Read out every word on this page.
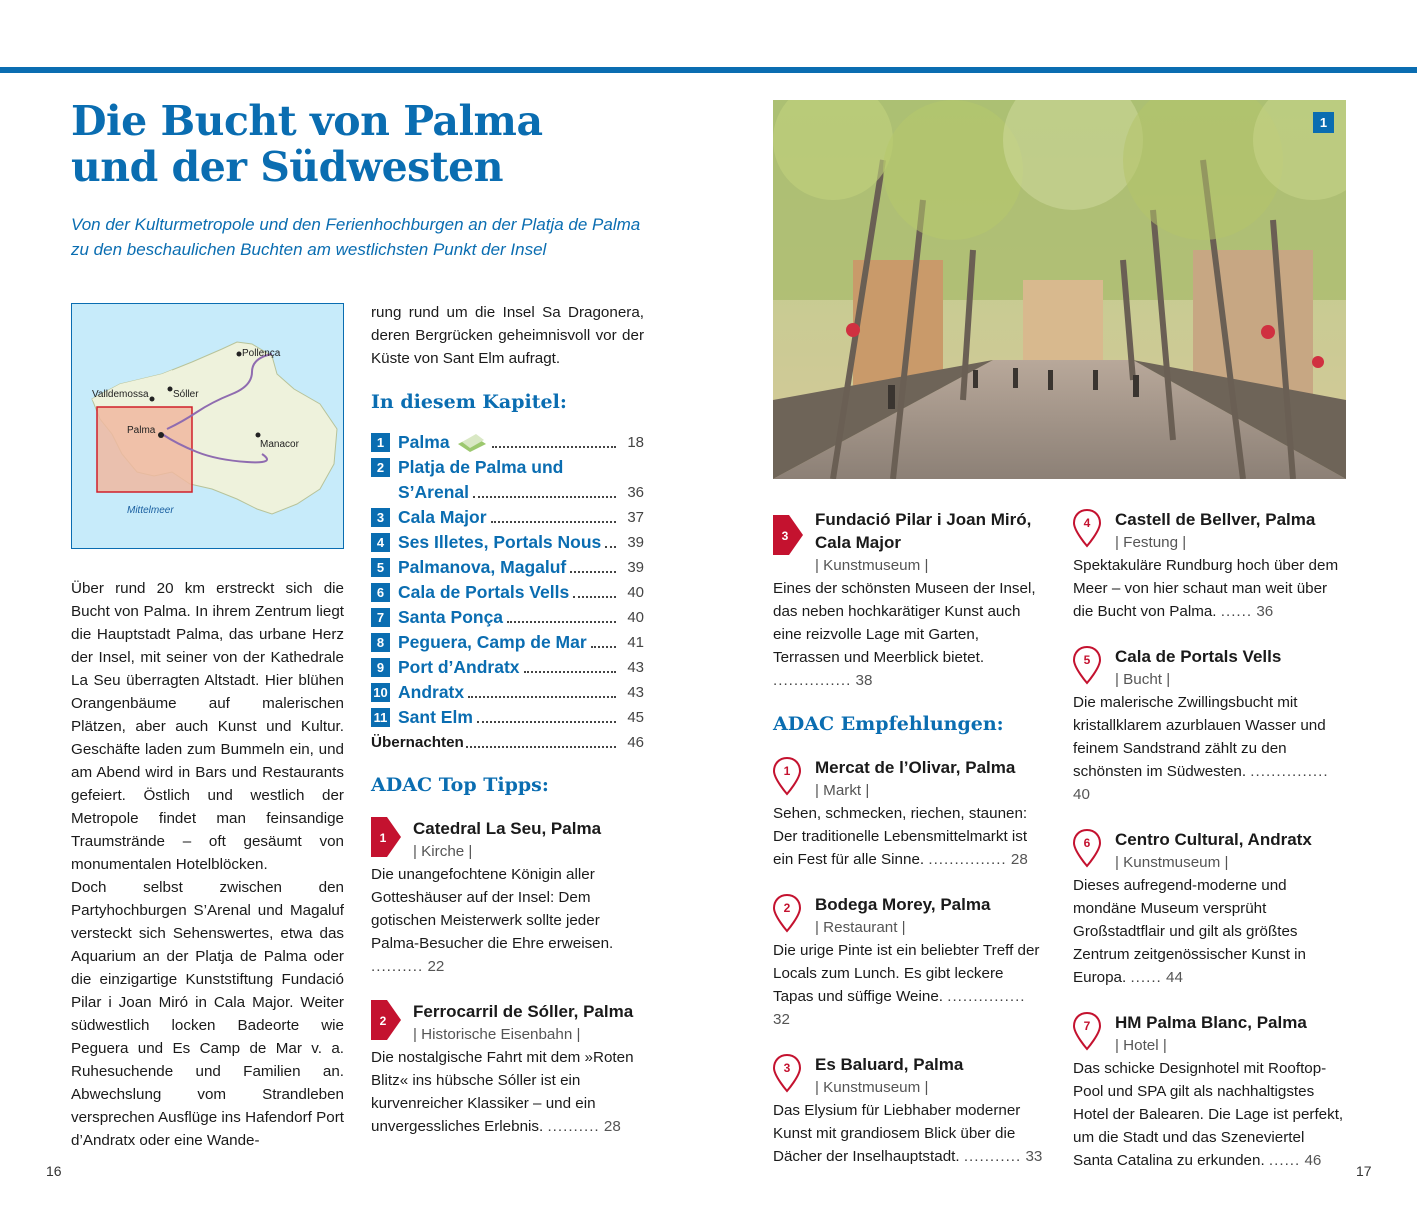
Die Bucht von Palma
und der Südwesten

Von der Kulturmetropole und den Ferienhochburgen an der Platja de Palma zu den beschaulichen Buchten am westlichsten Punkt der Insel

Pollença
Valldemossa Sóller
Palma
Manacor
Mittelmeer

Über rund 20 km erstreckt sich die Bucht von Palma. In ihrem Zentrum liegt die Hauptstadt Palma, das urbane Herz der Insel, mit seiner von der Kathedrale La Seu überragten Altstadt. Hier blühen Orangenbäume auf malerischen Plätzen, aber auch Kunst und Kultur. Geschäfte laden zum Bummeln ein, und am Abend wird in Bars und Restaurants gefeiert. Östlich und westlich der Metropole findet man feinsandige Traumstrände – oft gesäumt von monumentalen Hotelblöcken.

Doch selbst zwischen den Partyhochburgen S’Arenal und Magaluf versteckt sich Sehenswertes, etwa das Aquarium an der Platja de Palma oder die einzigartige Kunststiftung Fundació Pilar i Joan Miró in Cala Major. Weiter südwestlich locken Badeorte wie Peguera und Es Camp de Mar v. a. Ruhesuchende und Familien an. Abwechslung vom Strandleben versprechen Ausflüge ins Hafendorf Port d’Andratx oder eine Wande-

rung rund um die Insel Sa Dragonera, deren Bergrücken geheimnisvoll vor der Küste von Sant Elm aufragt.

In diesem Kapitel:
1 Palma	18
2 Platja de Palma und
S’Arenal	36
3 Cala Major	37
4 Ses Illetes, Portals Nous 39
5 Palmanova, Magaluf	39
6 Cala de Portals Vells	40
7 Santa Ponça	40
8 Peguera, Camp de Mar	41
9 Port d’Andratx	43
10 Andratx	43
11 Sant Elm	45
Übernachten	46
ADAC Top Tipps:
1 Catedral La Seu, Palma
| Kirche |
Die unangefochtene Königin aller Gotteshäuser auf der Insel: Dem gotischen Meisterwerk sollte jeder Palma-Besucher die Ehre erweisen. .......... 22
2 Ferrocarril de Sóller, Palma
| Historische Eisenbahn |
Die nostalgische Fahrt mit dem »Roten Blitz« ins hübsche Sóller ist ein kurvenreicher Klassiker – und ein unvergessliches Erlebnis. .......... 28
1
3
Fundació Pilar i Joan Miró, Cala Major
| Kunstmuseum |
Eines der schönsten Museen der Insel, das neben hochkarätiger Kunst auch eine reizvolle Lage mit Garten, Terrassen und Meerblick bietet. ............... 38
ADAC Empfehlungen:
1 Mercat de l’Olivar, Palma
| Markt |
Sehen, schmecken, riechen, staunen: Der traditionelle Lebensmittelmarkt ist ein Fest für alle Sinne. ............... 28
2 Bodega Morey, Palma
| Restaurant |
Die urige Pinte ist ein beliebter Treff der Locals zum Lunch. Es gibt leckere Tapas und süffige Weine. ............... 32
3 Es Baluard, Palma
| Kunstmuseum |
Das Elysium für Liebhaber moderner Kunst mit grandiosem Blick über die Dächer der Inselhauptstadt. ........... 33
4 Castell de Bellver, Palma
| Festung |
Spektakuläre Rundburg hoch über dem Meer – von hier schaut man weit über die Bucht von Palma. ...... 36
5 Cala de Portals Vells
| Bucht |
Die malerische Zwillingsbucht mit kristallklarem azurblauen Wasser und feinem Sandstrand zählt zu den schönsten im Südwesten. ............... 40
6 Centro Cultural, Andratx
| Kunstmuseum |
Dieses aufregend-moderne und mondäne Museum versprüht Großstadtflair und gilt als größtes Zentrum zeitgenössischer Kunst in Europa. ...... 44
7 HM Palma Blanc, Palma
| Hotel |
Das schicke Designhotel mit Rooftop-Pool und SPA gilt als nachhaltigstes Hotel der Balearen. Die Lage ist perfekt, um die Stadt und das Szeneviertel Santa Catalina zu erkunden. ...... 46
16	17
